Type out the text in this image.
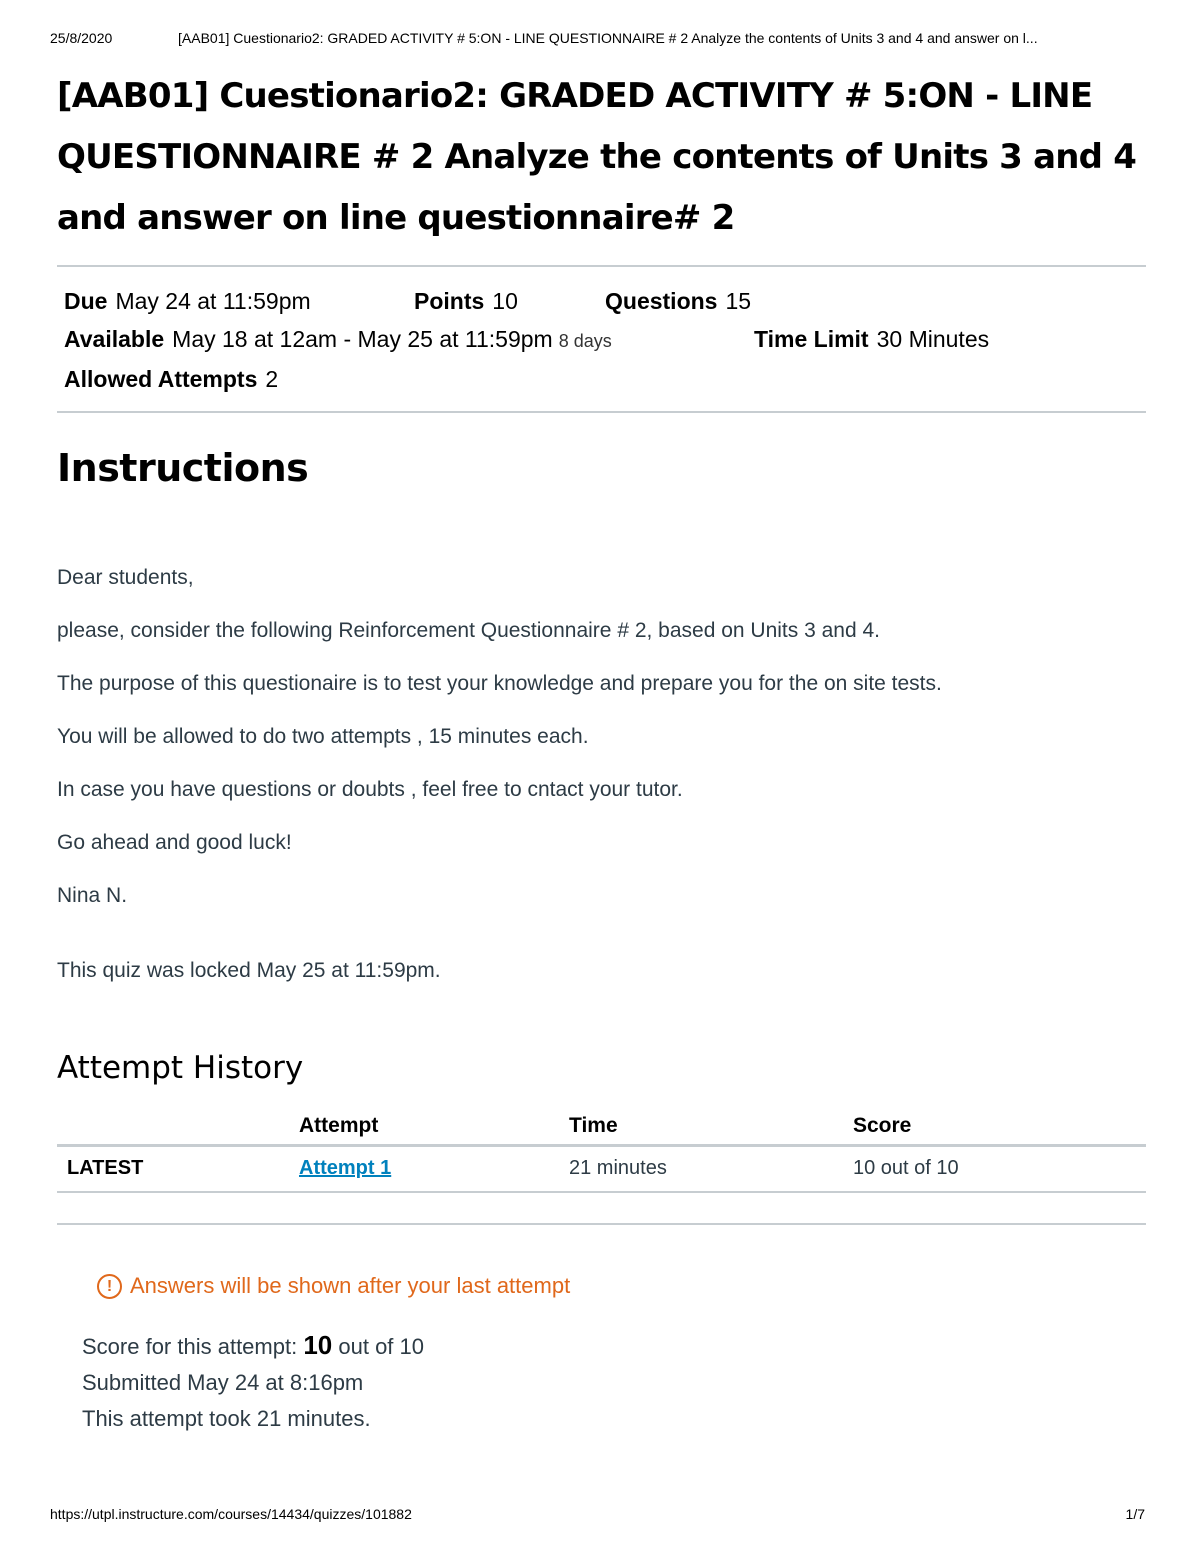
25/8/2020	[AAB01] Cuestionario2: GRADED ACTIVITY # 5:ON - LINE QUESTIONNAIRE # 2 Analyze the contents of Units 3 and 4 and answer on l...
[AAB01] Cuestionario2: GRADED ACTIVITY # 5:ON - LINE QUESTIONNAIRE # 2 Analyze the contents of Units 3 and 4 and answer on line questionnaire# 2
Due May 24 at 11:59pm	Points 10	Questions 15
Available May 18 at 12am - May 25 at 11:59pm 8 days	Time Limit 30 Minutes
Allowed Attempts 2
Instructions

Dear students,

please, consider the following Reinforcement Questionnaire # 2, based on Units 3 and 4.

The purpose of this questionaire is to test your knowledge and prepare you for the on site tests.

You will be allowed to do two attempts , 15 minutes each.

In case you have questions or doubts , feel free to cntact your tutor.

Go ahead and good luck!

Nina N.

This quiz was locked May 25 at 11:59pm.
Attempt History
	Attempt	Time	Score
LATEST	Attempt 1	21 minutes	10 out of 10
! Answers will be shown after your last attempt
Score for this attempt: 10 out of 10
Submitted May 24 at 8:16pm
This attempt took 21 minutes.
https://utpl.instructure.com/courses/14434/quizzes/101882	1/7
